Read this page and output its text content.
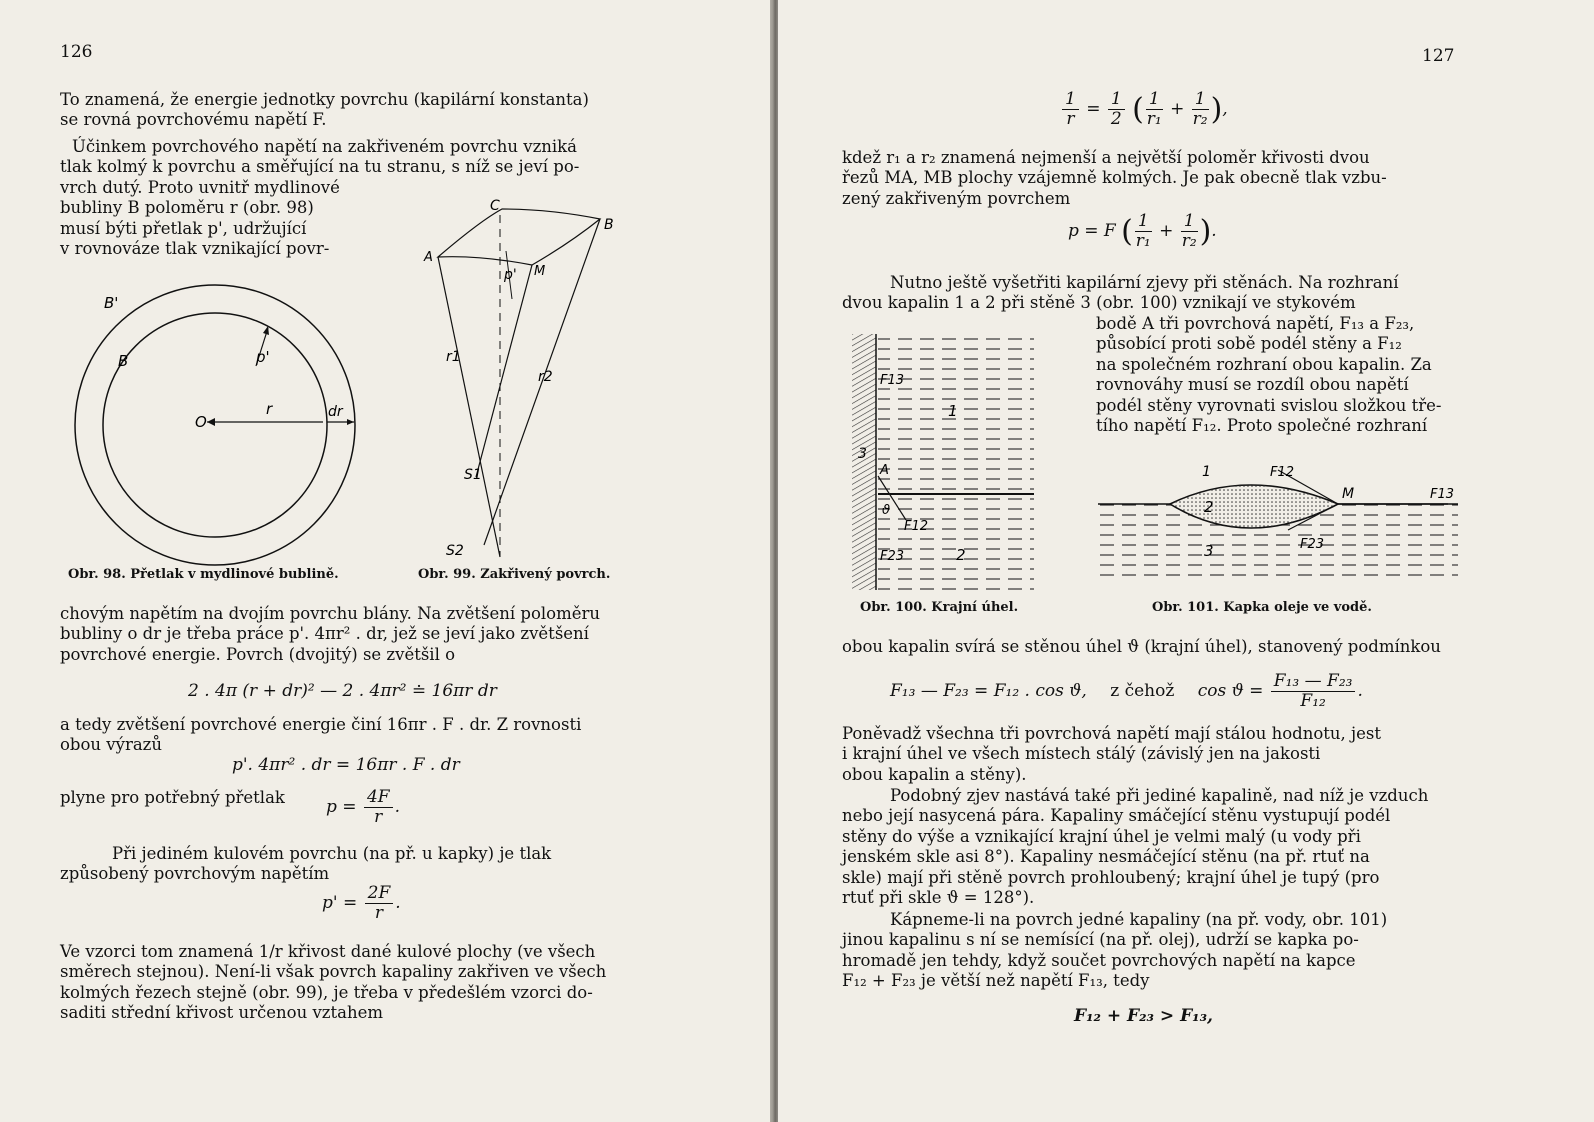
126
To znamená, že energie jednotky povrchu (kapilární konstanta)
se rovná povrchovému napětí F.
Účinkem povrchového napětí na zakřiveném povrchu vzniká
tlak kolmý k povrchu a směřující na tu stranu, s níž se jeví po-
vrch dutý. Proto uvnitř mydlinové
bubliny B poloměru r (obr. 98)
musí býti přetlak p', udržující
v rovnováze tlak vznikající povr-
B'
B	p'
O
r	dr
C
B
A
M
p'
r1
r2
S1
S2
Obr. 98. Přetlak v mydlinové bublině.	Obr. 99. Zakřivený povrch.
chovým napětím na dvojím povrchu blány. Na zvětšení poloměru
bubliny o dr je třeba práce p'. 4πr² . dr, jež se jeví jako zvětšení
povrchové energie. Povrch (dvojitý) se zvětšil o
2 . 4π (r + dr)² — 2 . 4πr² ≐ 16πr dr
a tedy zvětšení povrchové energie činí 16πr . F . dr. Z rovnosti
obou výrazů
p'. 4πr² . dr = 16πr . F . dr
plyne pro potřebný přetlak	$p = \frac{4F}{r}$ .
Při jediném kulovém povrchu (na př. u kapky) je tlak
způsobený povrchovým napětím
$p' = \frac{2F}{r}$ .
Ve vzorci tom znamená 1/r křivost dané kulové plochy (ve všech
směrech stejnou). Není-li však povrch kapaliny zakřiven ve všech
kolmých řezech stejně (obr. 99), je třeba v předešlém vzorci do-
saditi střední křivost určenou vztahem
127
$\frac{1}{r} = \frac{1}{2}$ ( $\frac{1}{\text{r₁}} + \frac{1}{\text{r₂}}$ ),
kdež r₁ a r₂ znamená nejmenší a největší poloměr křivosti dvou
řezů MA, MB plochy vzájemně kolmých. Je pak obecně tlak vzbu-
zený zakřiveným povrchem
p = F ( $\frac{1}{\text{r₁}} + \frac{1}{\text{r₂}}$ ).
Nutno ještě vyšetřiti kapilární zjevy při stěnách. Na rozhraní
dvou kapalin 1 a 2 při stěně 3 (obr. 100) vznikají ve stykovém
bodě A tři povrchová napětí, F₁₃ a F₂₃,
působící proti sobě podél stěny a F₁₂
na společném rozhraní obou kapalin. Za
rovnováhy musí se rozdíl obou napětí
podél stěny vyrovnati svislou složkou tře-
tího napětí F₁₂. Proto společné rozhraní
F13
1
3
A
ϑ
F12
F23	2
1	F12
M	F13
2
3	F23
Obr. 100. Krajní úhel.	Obr. 101. Kapka oleje ve vodě.
obou kapalin svírá se stěnou úhel ϑ (krajní úhel), stanovený podmínkou
F₁₃ — F₂₃ = F₁₂ . cos ϑ, z čehož $\cos ϑ = \frac{\text{F₁₃ — F₂₃}}{\text{F₁₂}}$ .
Poněvadž všechna tři povrchová napětí mají stálou hodnotu, jest
i krajní úhel ve všech místech stálý (závislý jen na jakosti
obou kapalin a stěny).
Podobný zjev nastává také při jediné kapalině, nad níž je vzduch
nebo její nasycená pára. Kapaliny smáčející stěnu vystupují podél
stěny do výše a vznikající krajní úhel je velmi malý (u vody při
jenském skle asi 8°). Kapaliny nesmáčející stěnu (na př. rtuť na
skle) mají při stěně povrch prohloubený; krajní úhel je tupý (pro
rtuť při skle ϑ = 128°).
Kápneme-li na povrch jedné kapaliny (na př. vody, obr. 101)
jinou kapalinu s ní se nemísící (na př. olej), udrží se kapka po-
hromadě jen tehdy, když součet povrchových napětí na kapce
F₁₂ + F₂₃ je větší než napětí F₁₃, tedy
F₁₂ + F₂₃ > F₁₃,
